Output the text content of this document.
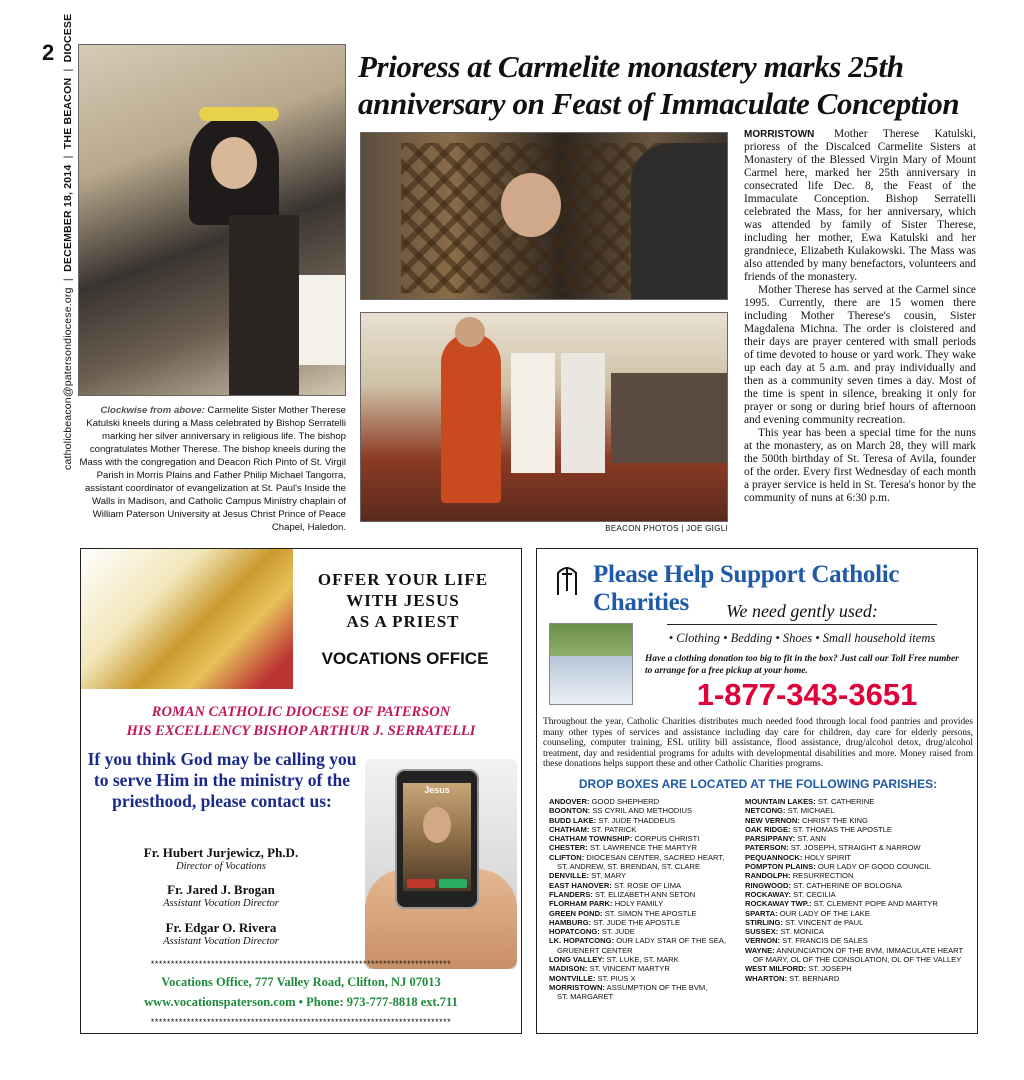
2
catholicbeacon@patersondiocese.org  |  DECEMBER 18, 2014  |  THE BEACON  |  DIOCESE
BEACON PHOTOS | JOE GIGLI
Prioress at Carmelite monastery marks 25th anniversary on Feast of Immaculate Conception
Clockwise from above: Carmelite Sister Mother Therese Katulski kneels during a Mass celebrated by Bishop Serratelli marking her silver anniversary in religious life. The bishop congratulates Mother Therese. The bishop kneels during the Mass with the congregation and Deacon Rich Pinto of St. Virgil Parish in Morris Plains and Father Philip Michael Tangorra, assistant coordinator of evangelization at St. Paul's Inside the Walls in Madison, and Catholic Campus Ministry chaplain of William Paterson University at Jesus Christ Prince of Peace Chapel, Haledon.

MORRISTOWN Mother Therese Katulski, prioress of the Discalced Carmelite Sisters at Monastery of the Blessed Virgin Mary of Mount Carmel here, marked her 25th anniversary in consecrated life Dec. 8, the Feast of the Immaculate Conception. Bishop Serratelli celebrated the Mass, for her anniversary, which was attended by family of Sister Therese, including her mother, Ewa Katulski and her grandniece, Elizabeth Kulakowski. The Mass was also attended by many benefactors, volunteers and friends of the monastery.

Mother Therese has served at the Carmel since 1995. Currently, there are 15 women there including Mother Therese's cousin, Sister Magdalena Michna. The order is cloistered and their days are prayer centered with small periods of time devoted to house or yard work. They wake up each day at 5 a.m. and pray individually and then as a community seven times a day. Most of the time is spent in silence, breaking it only for prayer or song or during brief hours of afternoon and evening community recreation.

This year has been a special time for the nuns at the monastery, as on March 28, they will mark the 500th birthday of St. Teresa of Avila, founder of the order. Every first Wednesday of each month a prayer service is held in St. Teresa's honor by the community of nuns at 6:30 p.m.

OFFER YOUR LIFE
WITH JESUS
AS A PRIEST
VOCATIONS OFFICE
ROMAN CATHOLIC DIOCESE OF PATERSON
HIS EXCELLENCY BISHOP ARTHUR J. SERRATELLI
If you think God may be calling you to serve Him in the ministry of the priesthood, please contact us:
Fr. Hubert Jurjewicz, Ph.D.
Director of Vocations
Fr. Jared J. Brogan
Assistant Vocation Director
Fr. Edgar O. Rivera
Assistant Vocation Director
Jesus
***************************************************************************
Vocations Office, 777 Valley Road, Clifton, NJ 07013
www.vocationspaterson.com • Phone: 973-777-8818 ext.711
***************************************************************************
Please Help Support Catholic Charities	We need gently used:
• Clothing • Bedding • Shoes • Small household items
Have a clothing donation too big to fit in the box? Just call our Toll Free number to arrange for a free pickup at your home.
1-877-343-3651
Throughout the year, Catholic Charities distributes much needed food through local food pantries and provides many other types of services and assistance including day care for children, day care for elderly persons, counseling, computer training, ESL utility bill assistance, flood assistance, drug/alcohol detox, drug/alcohol treatment, day and residential programs for adults with developmental disabilities and more. Money raised from these donations helps support these and other Catholic Charities programs.
DROP BOXES ARE LOCATED AT THE FOLLOWING PARISHES:
ANDOVER: GOOD SHEPHERD
BOONTON: SS CYRIL AND METHODIUS
BUDD LAKE: ST. JUDE THADDEUS
CHATHAM: ST. PATRICK
CHATHAM TOWNSHIP: CORPUS CHRISTI
CHESTER: ST. LAWRENCE THE MARTYR
CLIFTON: DIOCESAN CENTER, SACRED HEART,
ST. ANDREW, ST. BRENDAN, ST. CLARE
DENVILLE: ST. MARY
EAST HANOVER: ST. ROSE OF LIMA
FLANDERS: ST. ELIZABETH ANN SETON
FLORHAM PARK: HOLY FAMILY
GREEN POND: ST. SIMON THE APOSTLE
HAMBURG: ST. JUDE THE APOSTLE
HOPATCONG: ST. JUDE
LK. HOPATCONG: OUR LADY STAR OF THE SEA,
GRUENERT CENTER
LONG VALLEY: ST. LUKE, ST. MARK
MADISON: ST. VINCENT MARTYR
MONTVILLE: ST. PIUS X
MORRISTOWN: ASSUMPTION OF THE BVM,
ST. MARGARET
MOUNTAIN LAKES: ST. CATHERINE
NETCONG: ST. MICHAEL
NEW VERNON: CHRIST THE KING
OAK RIDGE: ST. THOMAS THE APOSTLE
PARSIPPANY: ST. ANN
PATERSON: ST. JOSEPH, STRAIGHT & NARROW
PEQUANNOCK: HOLY SPIRIT
POMPTON PLAINS: OUR LADY OF GOOD COUNCIL
RANDOLPH: RESURRECTION
RINGWOOD: ST. CATHERINE OF BOLOGNA
ROCKAWAY: ST. CECILIA
ROCKAWAY TWP.: ST. CLEMENT POPE AND MARTYR
SPARTA: OUR LADY OF THE LAKE
STIRLING: ST. VINCENT de PAUL
SUSSEX: ST. MONICA
VERNON: ST. FRANCIS DE SALES
WAYNE: ANNUNCIATION OF THE BVM, IMMACULATE HEART
OF MARY, OL OF THE CONSOLATION, OL OF THE VALLEY
WEST MILFORD: ST. JOSEPH
WHARTON: ST. BERNARD
